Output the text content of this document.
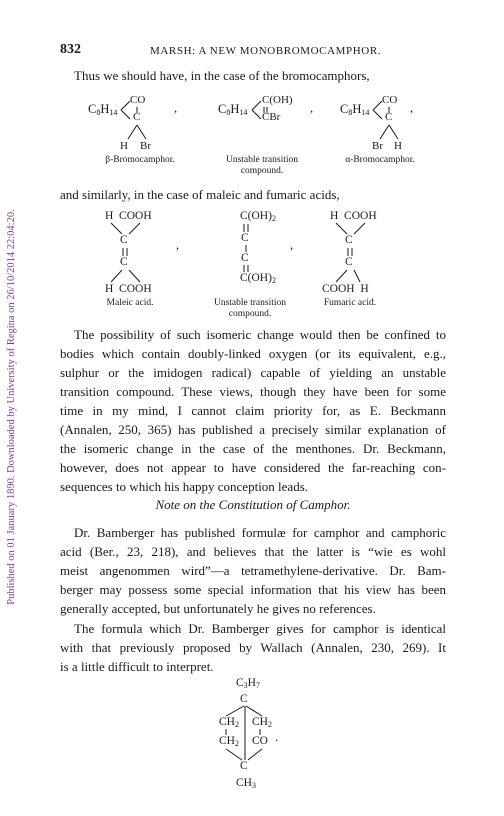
Published on 01 January 1890. Downloaded by University of Regina on 26/10/2014 22:04:20.
832	MARSH: A NEW MONOBROMOCAMPHOR.
Thus we should have, in the case of the bromocamphors,
$C_8H_{14}$
CO
C
H Br
,	$C_8H_{14}$
C(OH)
CBr
, $C_8H_{14}$
CO
C
Br H
,
β-Bromocamphor.	Unstable transition compound.
α-Bromocamphor.
and similarly, in the case of maleic and fumaric acids,
H  COOH
C
C
H  COOH
,
$C(OH)_2$
C
C
$C(OH)_2$
,
H  COOH
C
C
COOH  H
Maleic acid.	Unstable transition compound.
Fumaric acid.
The possibility of such isomeric change would then be confined to
bodies which contain doubly-linked oxygen (or its equivalent, e.g.,
sulphur or the imidogen radical) capable of yielding an unstable
transition compound. These views, though they have been for some
time in my mind, I cannot claim priority for, as E. Beckmann
(Annalen, 250, 365) has published a precisely similar explanation of
the isomeric change in the case of the menthones. Dr. Beckmann,
however, does not appear to have considered the far-reaching con-
sequences to which his happy conception leads.
Note on the Constitution of Camphor.
Dr. Bamberger has published formulæ for camphor and camphoric
acid (Ber., 23, 218), and believes that the latter is “wie es wohl
meist angenommen wird”—a tetramethylene-derivative. Dr. Bam-
berger may possess some special information that his view has been
generally accepted, but unfortunately he gives no references.
The formula which Dr. Bamberger gives for camphor is identical
with that previously proposed by Wallach (Annalen, 230, 269). It
is a little difficult to interpret.
$C_3H_7$
C
$CH_2$ $CH_2$
$CH_2$ CO .
C
$CH_3$
